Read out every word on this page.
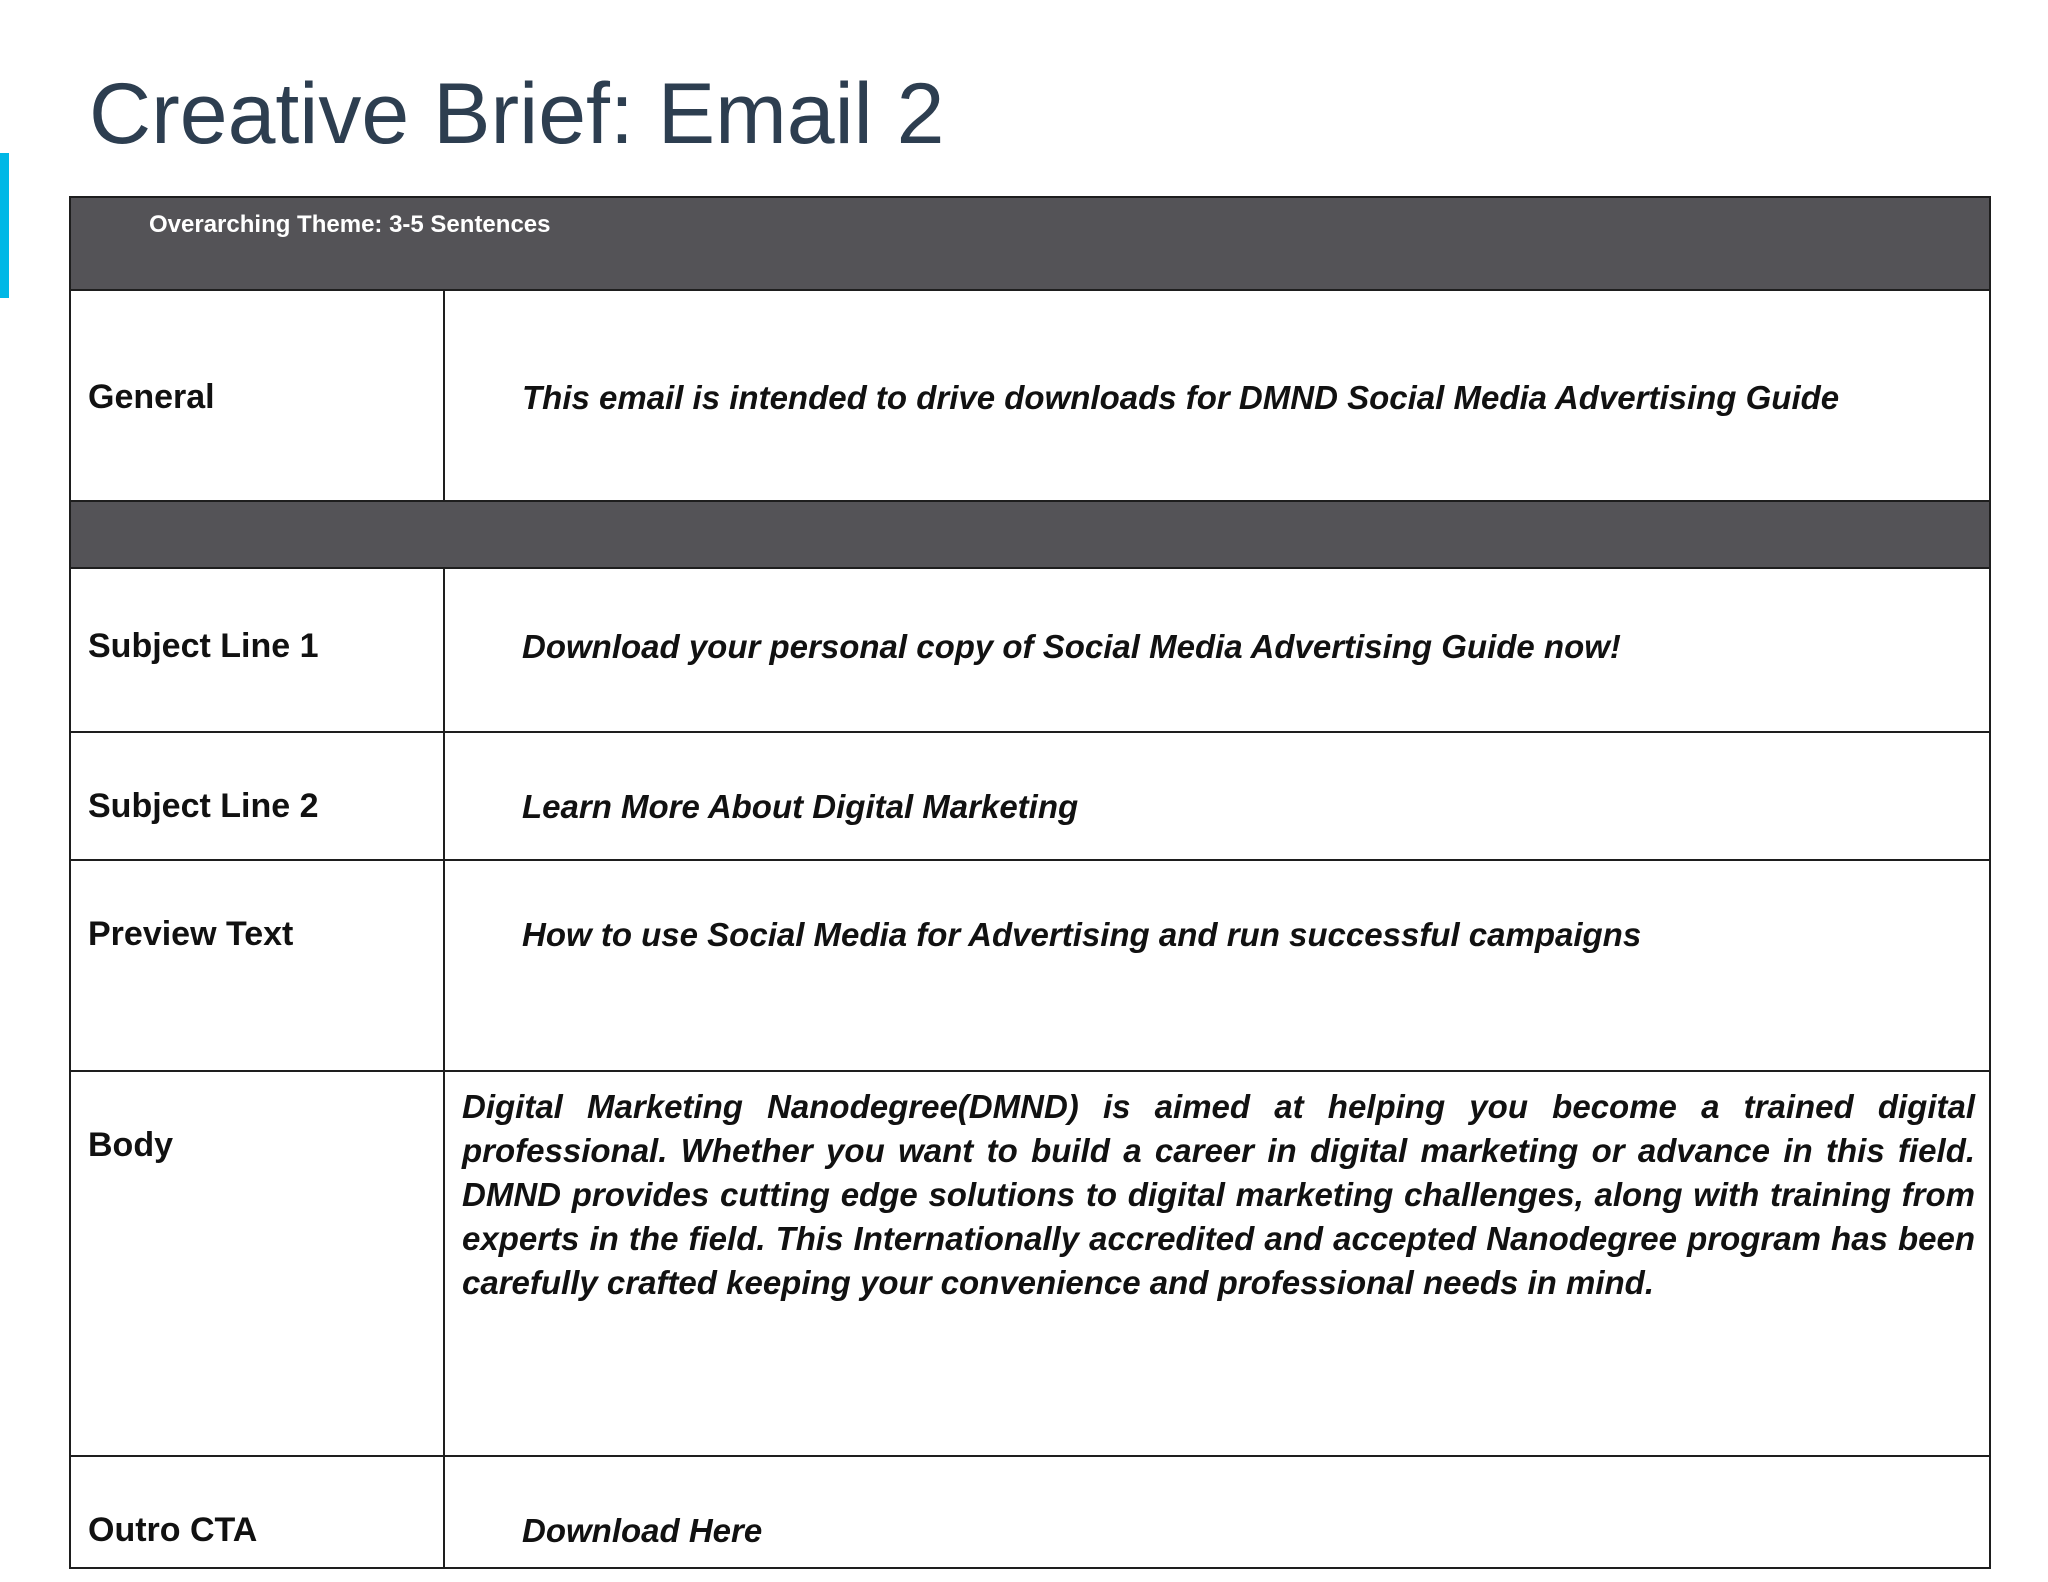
Creative Brief: Email 2
Overarching Theme: 3-5 Sentences	

General	This email is intended to drive downloads for DMND Social Media Advertising Guide

Subject Line 1	Download your personal copy of Social Media Advertising Guide now!

Subject Line 2	Learn More About Digital Marketing

Preview Text	How to use Social Media for Advertising and run successful campaigns

Body	Digital Marketing Nanodegree(DMND) is aimed at helping you become a trained digital professional. Whether you want to build a career in digital marketing or advance in this field. DMND provides cutting edge solutions to digital marketing challenges, along with training from experts in the field. This Internationally accredited and accepted Nanodegree program has been carefully crafted keeping your convenience and professional needs in mind.

Outro CTA	Download Here
